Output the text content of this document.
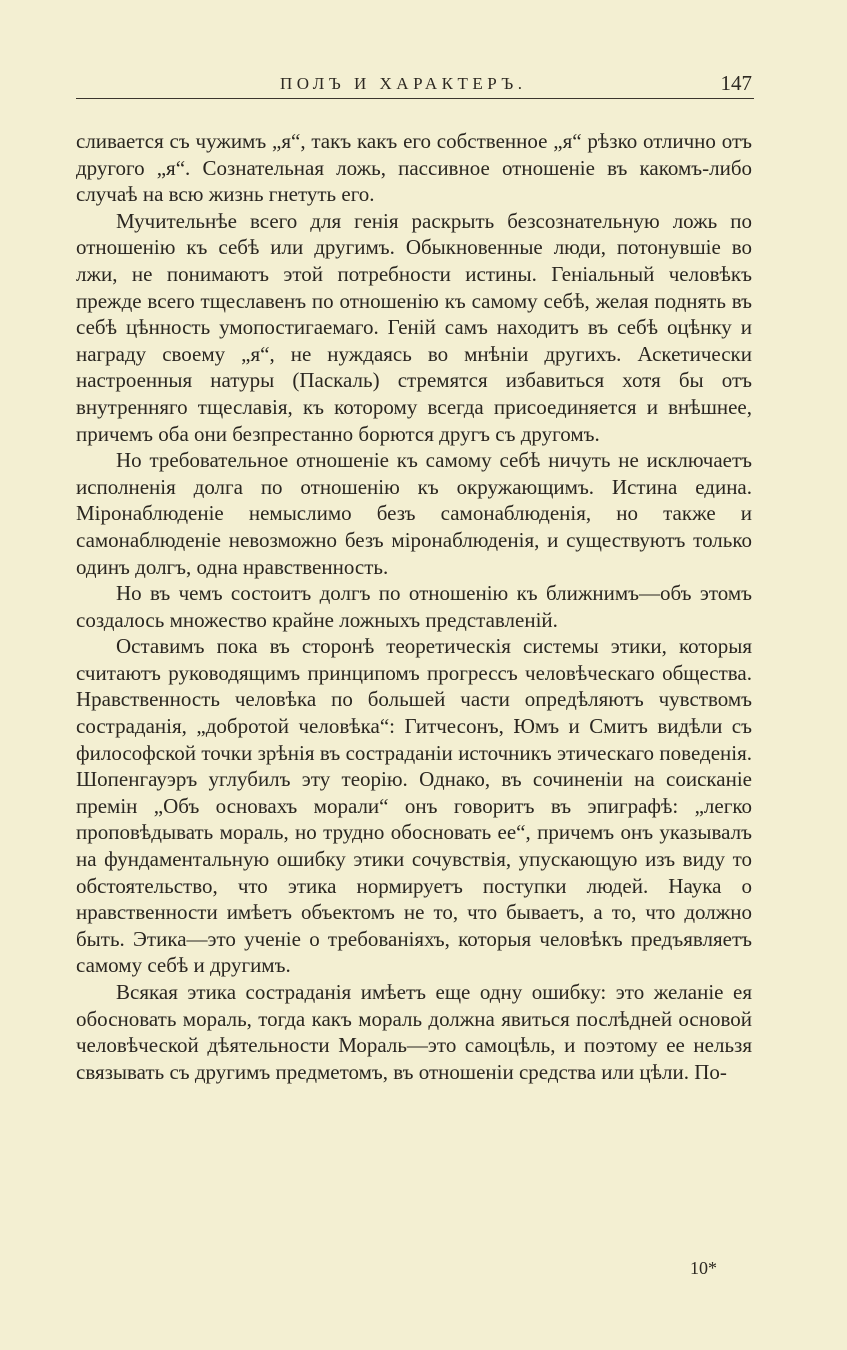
ПОЛЪ И ХАРАКТЕРЪ.	147

сливается съ чужимъ „я“, такъ какъ его собственное „я“ рѣзко отлично отъ другого „я“. Сознательная ложь, пассивное отношеніе въ какомъ-либо случаѣ на всю жизнь гнетуть его.

Мучительнѣе всего для генія раскрыть безсознательную ложь по отношенію къ себѣ или другимъ. Обыкновенные люди, потонувшіе во лжи, не понимаютъ этой потребности истины. Геніальный человѣкъ прежде всего тщеславенъ по отношенію къ самому себѣ, желая поднять въ себѣ цѣнность умопостигаемаго. Геній самъ находитъ въ себѣ оцѣнку и награду своему „я“, не нуждаясь во мнѣніи другихъ. Аскетически настроенныя натуры (Паскаль) стремятся избавиться хотя бы отъ внутренняго тщеславія, къ которому всегда присоединяется и внѣшнее, причемъ оба они безпрестанно борются другъ съ другомъ.

Но требовательное отношеніе къ самому себѣ ничуть не исключаетъ исполненія долга по отношенію къ окружающимъ. Истина едина. Міронаблюденіе немыслимо безъ самонаблюденія, но также и самонаблюденіе невозможно безъ міронаблюденія, и существуютъ только одинъ долгъ, одна нравственность.

Но въ чемъ состоитъ долгъ по отношенію къ ближнимъ—объ этомъ создалось множество крайне ложныхъ представленій.

Оставимъ пока въ сторонѣ теоретическія системы этики, которыя считаютъ руководящимъ принципомъ прогрессъ человѣческаго общества. Нравственность человѣка по большей части опредѣляютъ чувствомъ состраданія, „добротой человѣка“: Гитчесонъ, Юмъ и Смитъ видѣли съ философской точки зрѣнія въ состраданіи источникъ этическаго поведенія. Шопенгауэръ углубилъ эту теорію. Однако, въ сочиненіи на соисканіе премін „Объ основахъ морали“ онъ говоритъ въ эпиграфѣ: „легко проповѣдывать мораль, но трудно обосновать ее“, причемъ онъ указывалъ на фундаментальную ошибку этики сочувствія, упускающую изъ виду то обстоятельство, что этика нормируетъ поступки людей. Наука о нравственности имѣетъ объектомъ не то, что бываетъ, а то, что должно быть. Этика—это ученіе о требованіяхъ, которыя человѣкъ предъявляетъ самому себѣ и другимъ.

Всякая этика состраданія имѣетъ еще одну ошибку: это желаніе ея обосновать мораль, тогда какъ мораль должна явиться послѣдней основой человѣческой дѣятельности Мораль—это самоцѣль, и поэтому ее нельзя связывать съ другимъ предметомъ, въ отношеніи средства или цѣли. По-

10*
